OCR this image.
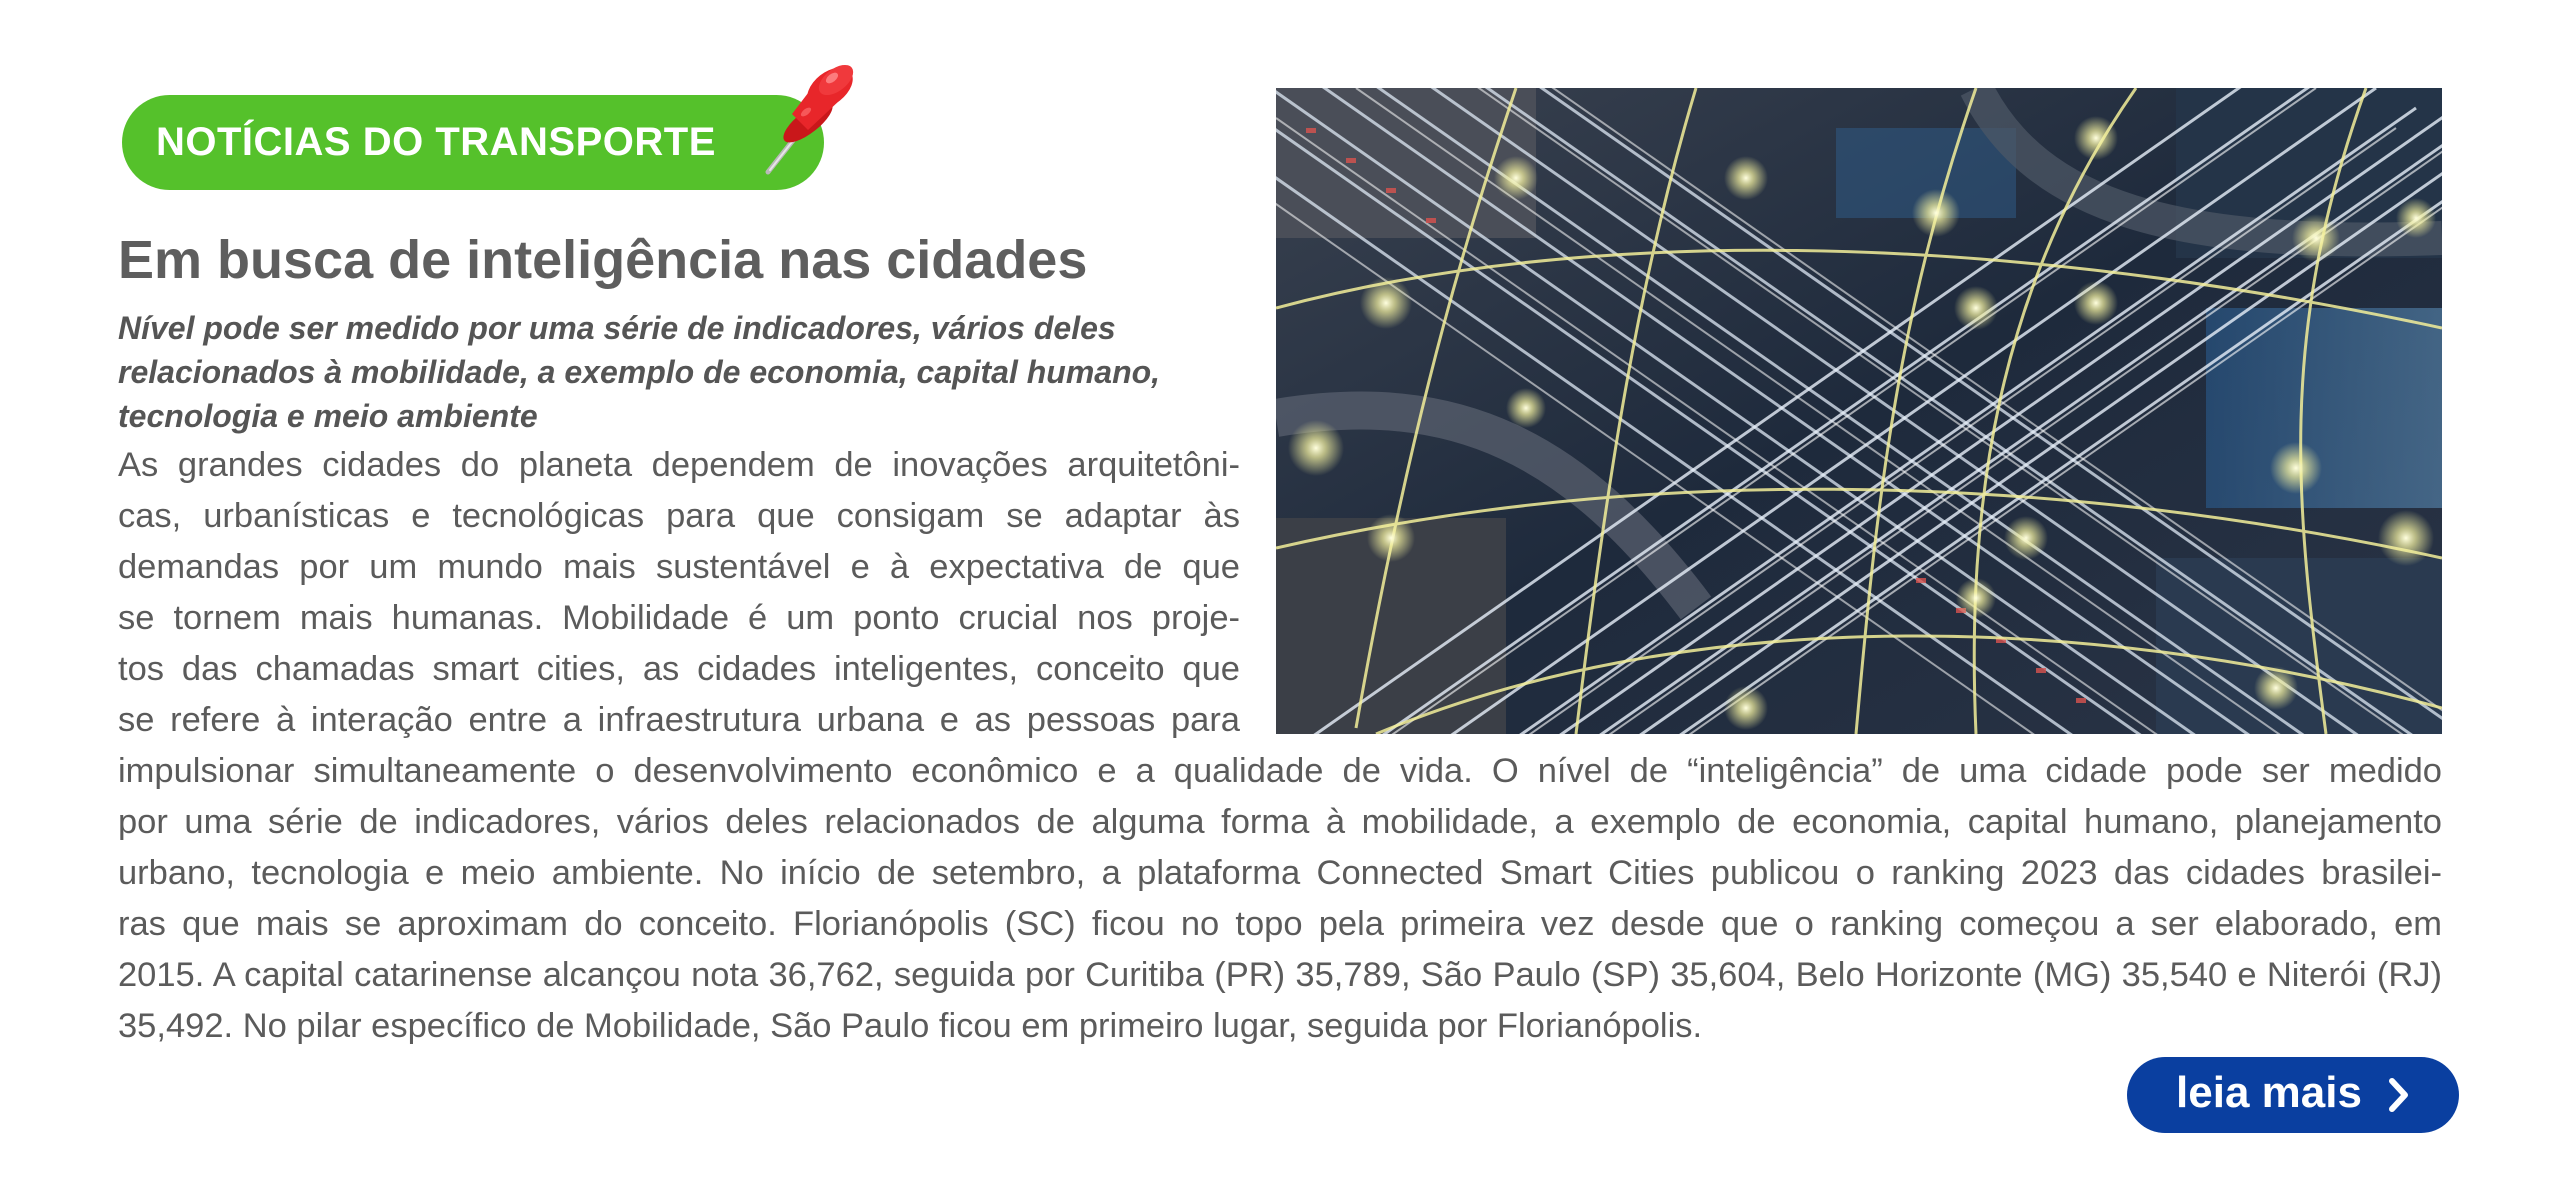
NOTÍCIAS DO TRANSPORTE
Em busca de inteligência nas cidades

Nível pode ser medido por uma série de indicadores, vários deles relacionados à mobilidade, a exemplo de economia, capital humano, tecnologia e meio ambiente

As grandes cidades do planeta dependem de inovações arquitetôni-
cas, urbanísticas e tecnológicas para que consigam se adaptar às
demandas por um mundo mais sustentável e à expectativa de que
se tornem mais humanas. Mobilidade é um ponto crucial nos proje-
tos das chamadas smart cities, as cidades inteligentes, conceito que
se refere à interação entre a infraestrutura urbana e as pessoas para

impulsionar simultaneamente o desenvolvimento econômico e a qualidade de vida. O nível de “inteligência” de uma cidade pode ser medido
por uma série de indicadores, vários deles relacionados de alguma forma à mobilidade, a exemplo de economia, capital humano, planejamento
urbano, tecnologia e meio ambiente. No início de setembro, a plataforma Connected Smart Cities publicou o ranking 2023 das cidades brasilei-
ras que mais se aproximam do conceito. Florianópolis (SC) ficou no topo pela primeira vez desde que o ranking começou a ser elaborado, em
2015. A capital catarinense alcançou nota 36,762, seguida por Curitiba (PR) 35,789, São Paulo (SP) 35,604, Belo Horizonte (MG) 35,540 e Niterói (RJ)
35,492. No pilar específico de Mobilidade, São Paulo ficou em primeiro lugar, seguida por Florianópolis.

leia mais
